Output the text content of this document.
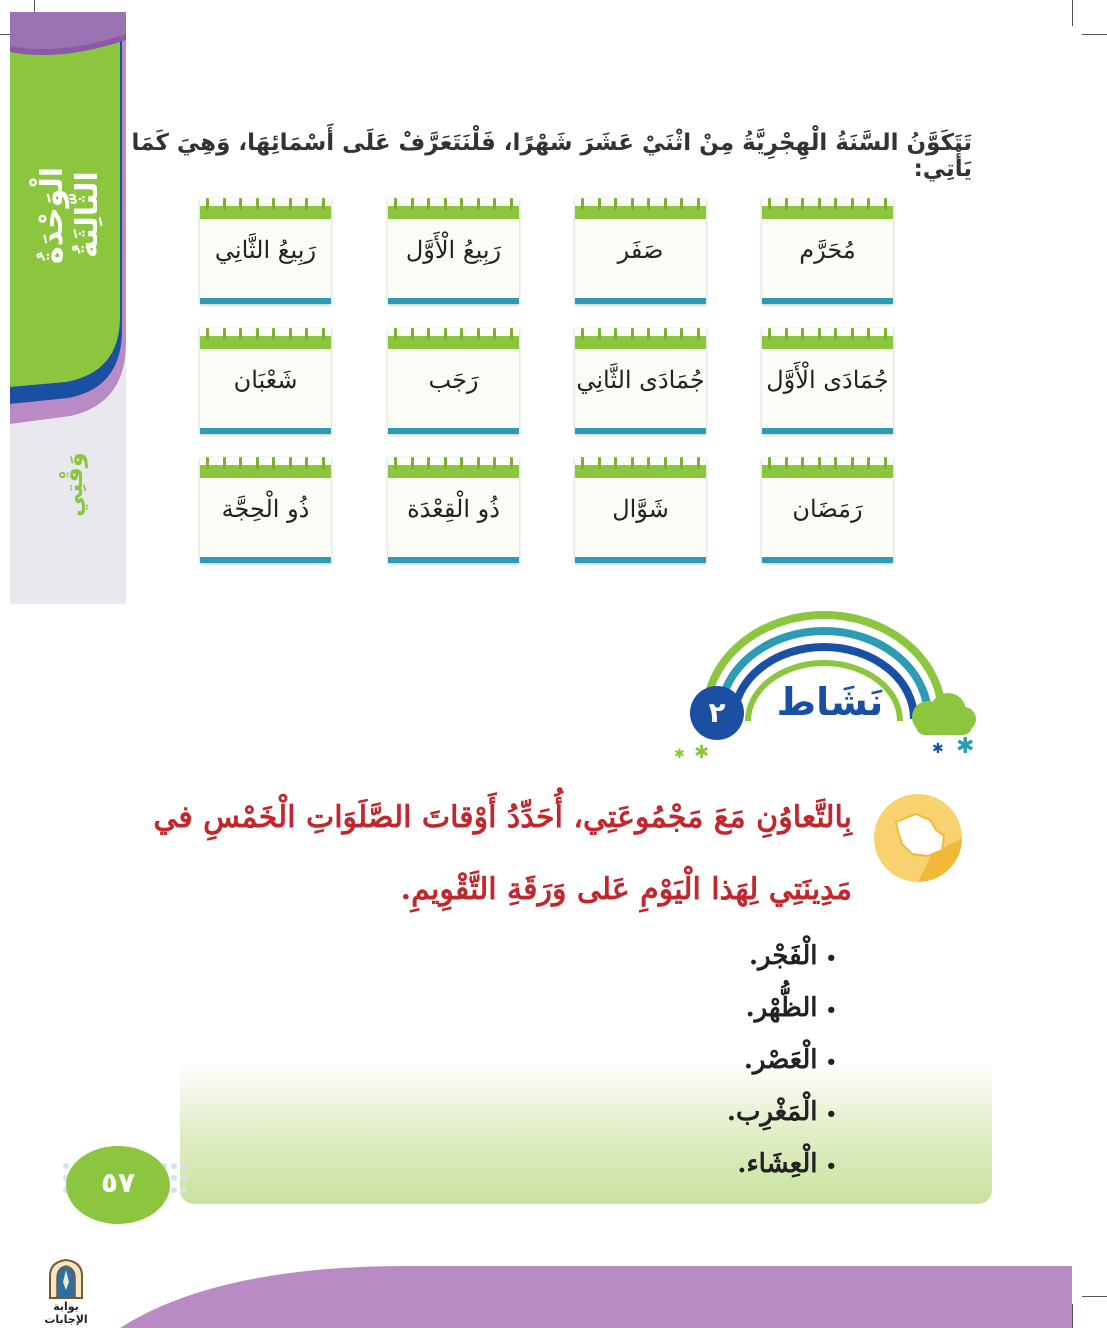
الْوَحْدَةُ الثَّالِثَةُ
وَقْتِي
تَتَكَوَّنُ السَّنَةُ الْهِجْرِيَّةُ مِنْ اثْنَيْ عَشَرَ شَهْرًا، فَلْنَتَعَرَّفْ عَلَى أَسْمَائِهَا، وَهِيَ كَمَا يَأْتِي:
مُحَرَّم
صَفَر
رَبِيعُ الْأَوَّل
رَبِيعُ الثَّانِي
جُمَادَى الْأَوَّل
جُمَادَى الثَّانِي
رَجَب
شَعْبَان
رَمَضَان
شَوَّال
ذُو الْقِعْدَة
ذُو الْحِجَّة
✱
✱
✱
✱
نَشَاط
٢
بِالتَّعاوُنِ مَعَ مَجْمُوعَتِي، أُحَدِّدُ أَوْقاتَ الصَّلَوَاتِ الْخَمْسِ في مَدِينَتِي لِهَذا الْيَوْمِ عَلى وَرَقَةِ التَّقْوِيمِ.
• الْفَجْر.
• الظُّهْر.
• الْعَصْر.
• الْمَغْرِب.
• الْعِشَاء.
٥٧
بوابة الإجابات
